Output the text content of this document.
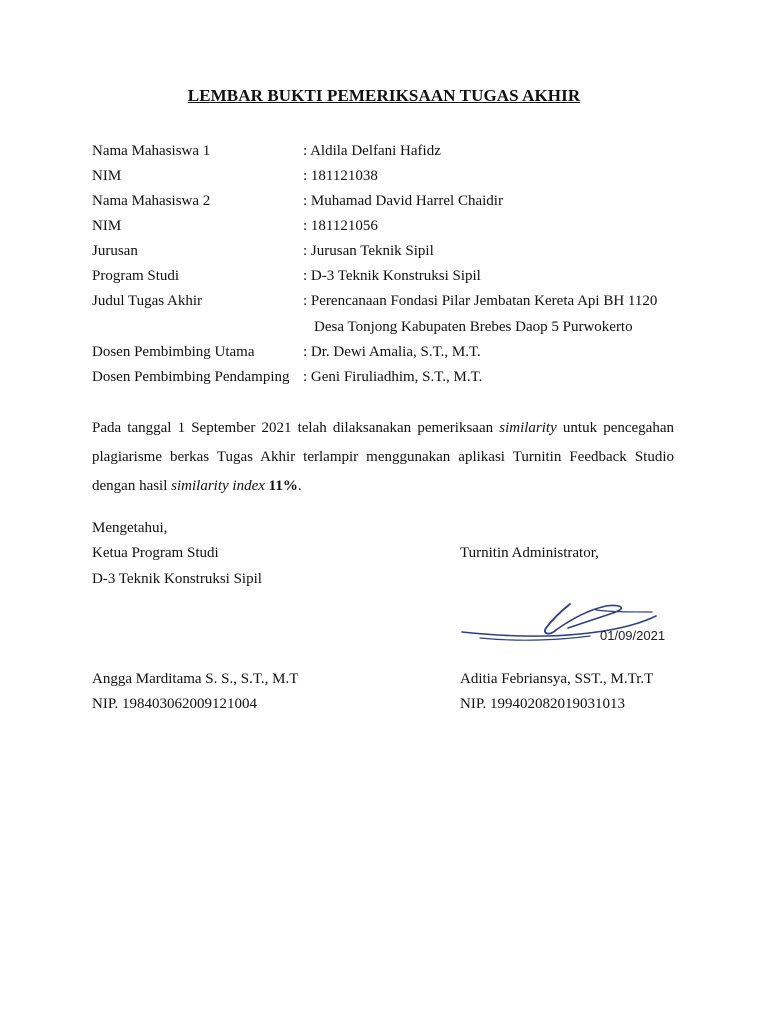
LEMBAR BUKTI PEMERIKSAAN TUGAS AKHIR
Nama Mahasiswa 1	: Aldila Delfani Hafidz
NIM	: 181121038
Nama Mahasiswa 2	: Muhamad David Harrel Chaidir
NIM	: 181121056
Jurusan	: Jurusan Teknik Sipil
Program Studi	: D-3 Teknik Konstruksi Sipil
Judul Tugas Akhir	: Perencanaan Fondasi Pilar Jembatan Kereta Api BH 1120
Desa Tonjong Kabupaten Brebes Daop 5 Purwokerto
Dosen Pembimbing Utama	: Dr. Dewi Amalia, S.T., M.T.
Dosen Pembimbing Pendamping : Geni Firuliadhim, S.T., M.T.
Pada tanggal 1 September 2021 telah dilaksanakan pemeriksaan similarity untuk pencegahan plagiarisme berkas Tugas Akhir terlampir menggunakan aplikasi Turnitin Feedback Studio dengan hasil similarity index 11%.
Mengetahui,
Ketua Program Studi
D-3 Teknik Konstruksi Sipil
Angga Marditama S. S., S.T., M.T
NIP. 198403062009121004
Turnitin Administrator,
01/09/2021
Aditia Febriansya, SST., M.Tr.T
NIP. 199402082019031013
